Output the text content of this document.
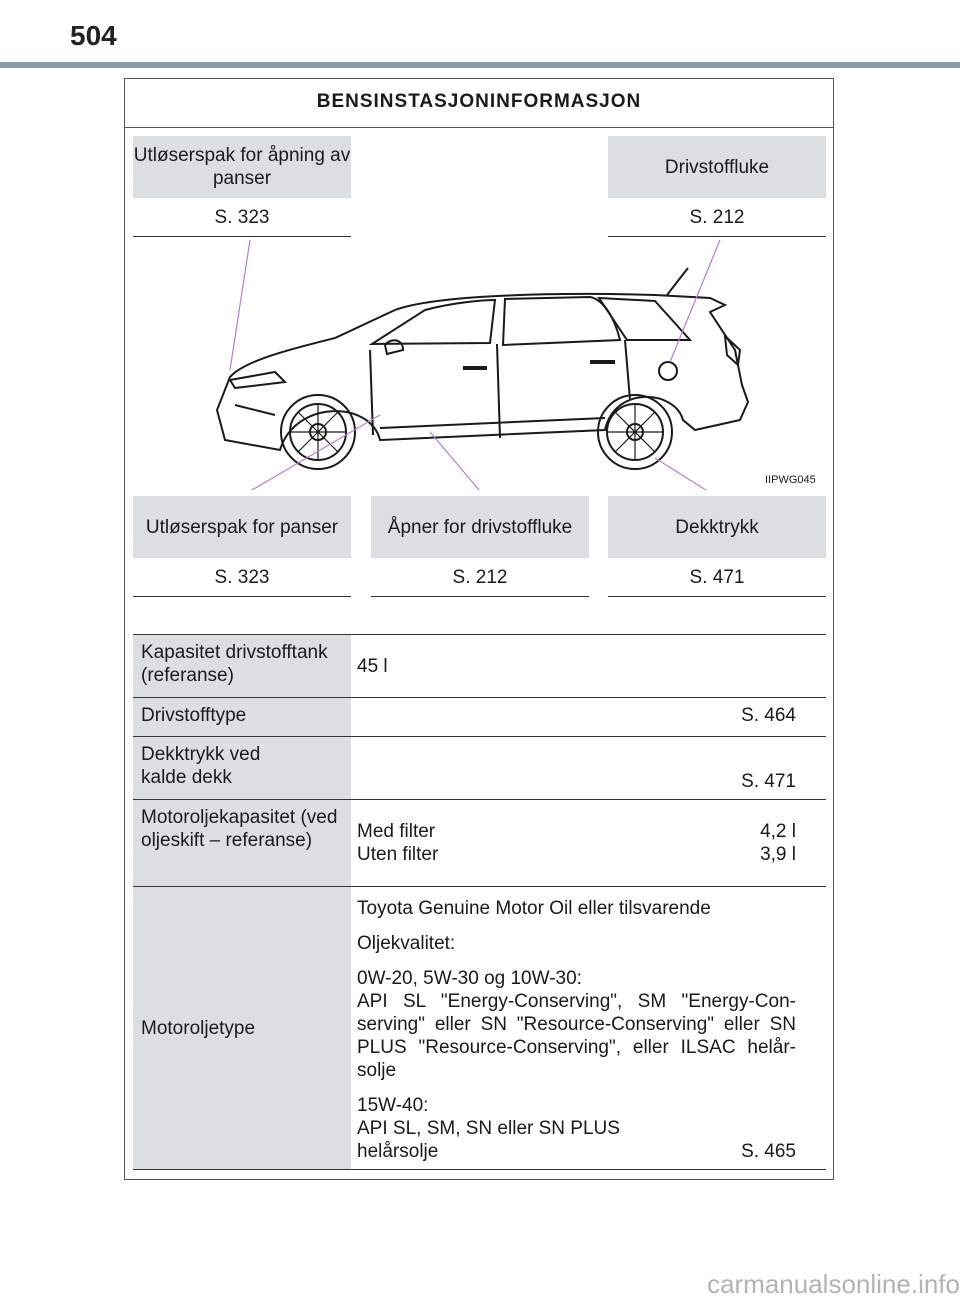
504
BENSINSTASJONINFORMASJON
Utløserspak for åpning av panser
S. 323
Drivstoffluke
S. 212
IIPWG045
Utløserspak for panser
S. 323
Åpner for drivstoffluke
S. 212
Dekktrykk
S. 471
Kapasitet drivstofftank (referanse)	45 l
Drivstofftype	S. 464
Dekktrykk ved
kalde dekk	S. 471
Motoroljekapasitet (ved oljeskift – referanse)	Med filter	4,2 l
Uten filter	3,9 l
Motoroljetype

Toyota Genuine Motor Oil eller tilsvarende

Oljekvalitet:

0W-20, 5W-30 og 10W-30:
API SL "Energy-Conserving", SM "Energy-Con-serving" eller SN "Resource-Conserving" eller SN PLUS "Resource-Conserving", eller ILSAC helår-solje

15W-40:
API SL, SM, SN eller SN PLUS
helårsolje	S. 465

carmanualsonline.info
